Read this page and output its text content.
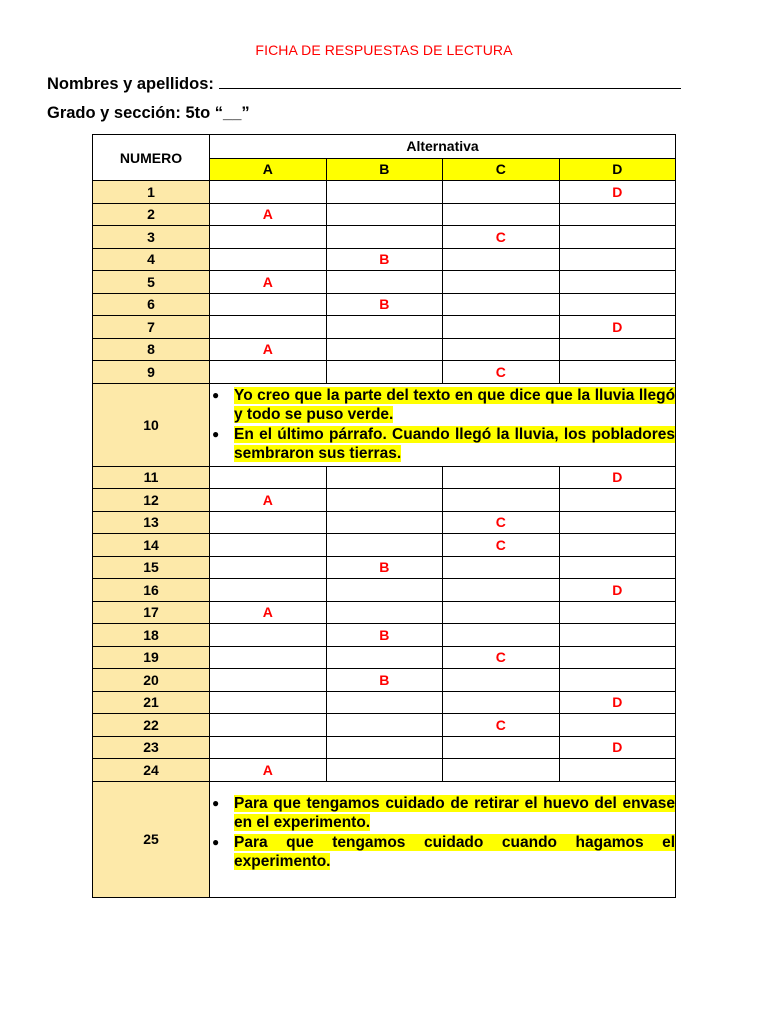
FICHA DE RESPUESTAS DE LECTURA
Nombres y apellidos:
Grado y sección: 5to “__”
NUMERO	Alternativa			
	A	B	C	D
1				D
2	A			
3			C	
4		B		
5	A			
6		B		
7				D
8	A			
9			C	
10	● Yo creo que la parte del texto en que dice que la lluvia llegó y todo se puso verde.
● En el último párrafo. Cuando llegó la lluvia, los pobladores sembraron sus tierras.			

11				D
12	A			
13			C	
14			C	
15		B		
16				D
17	A			
18		B		
19			C	
20		B		
21				D
22			C	
23				D
24	A			
25	● Para que tengamos cuidado de retirar el huevo del envase en el experimento.
● Para que tengamos cuidado cuando hagamos el experimento.			
